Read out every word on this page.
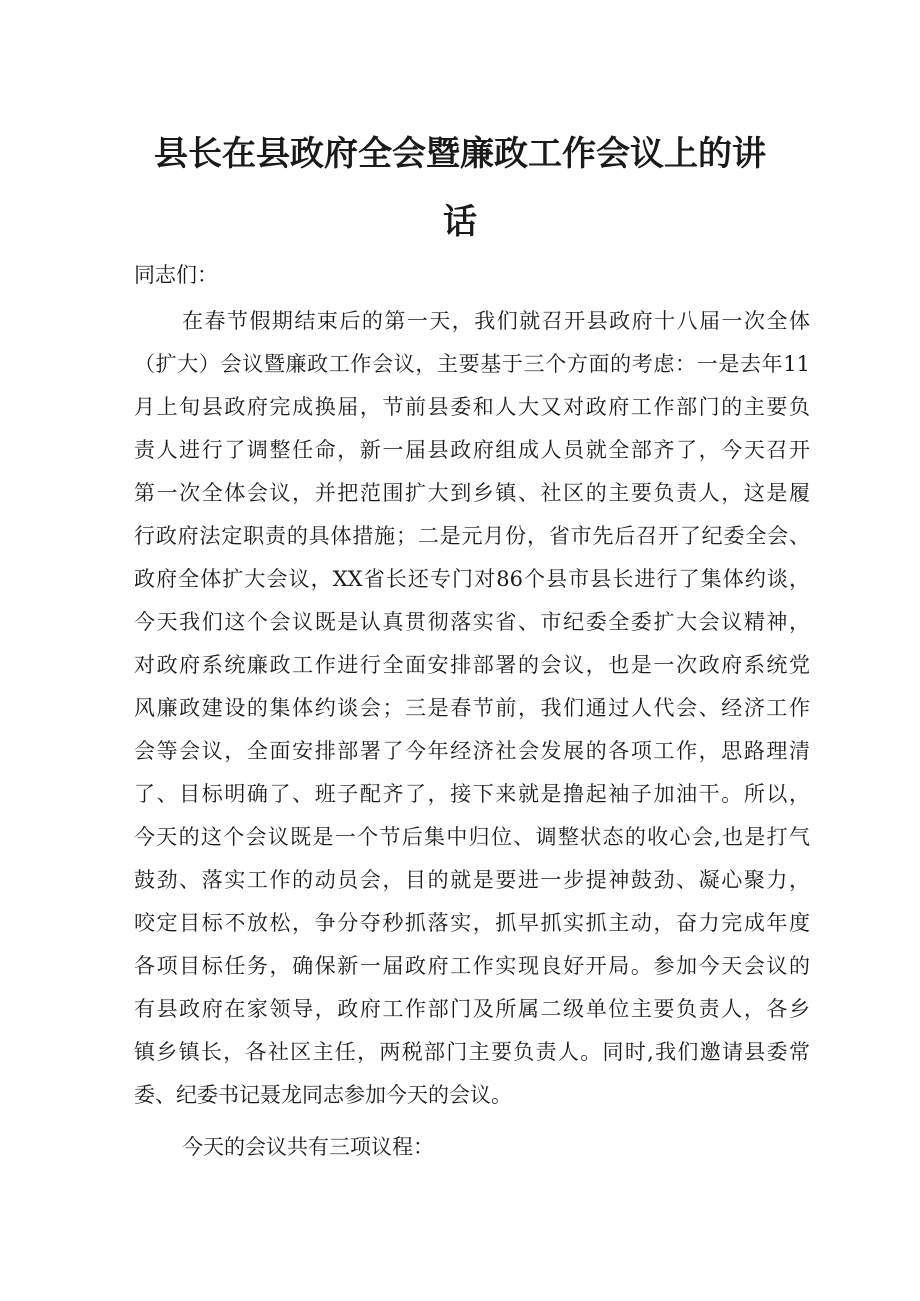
县长在县政府全会暨廉政工作会议上的讲
话
同志们：
在春节假期结束后的第一天，我们就召开县政府十八届一次全体
（扩大）会议暨廉政工作会议，主要基于三个方面的考虑：一是去年11
月上旬县政府完成换届，节前县委和人大又对政府工作部门的主要负
责人进行了调整任命，新一届县政府组成人员就全部齐了，今天召开
第一次全体会议，并把范围扩大到乡镇、社区的主要负责人，这是履
行政府法定职责的具体措施；二是元月份，省市先后召开了纪委全会、
政府全体扩大会议，XX省长还专门对86个县市县长进行了集体约谈，
今天我们这个会议既是认真贯彻落实省、市纪委全委扩大会议精神，
对政府系统廉政工作进行全面安排部署的会议，也是一次政府系统党
风廉政建设的集体约谈会；三是春节前，我们通过人代会、经济工作
会等会议，全面安排部署了今年经济社会发展的各项工作，思路理清
了、目标明确了、班子配齐了，接下来就是撸起袖子加油干。所以，
今天的这个会议既是一个节后集中归位、调整状态的收心会,也是打气
鼓劲、落实工作的动员会，目的就是要进一步提神鼓劲、凝心聚力，
咬定目标不放松，争分夺秒抓落实，抓早抓实抓主动，奋力完成年度
各项目标任务，确保新一届政府工作实现良好开局。参加今天会议的
有县政府在家领导，政府工作部门及所属二级单位主要负责人，各乡
镇乡镇长，各社区主任，两税部门主要负责人。同时,我们邀请县委常
委、纪委书记聂龙同志参加今天的会议。
今天的会议共有三项议程：
